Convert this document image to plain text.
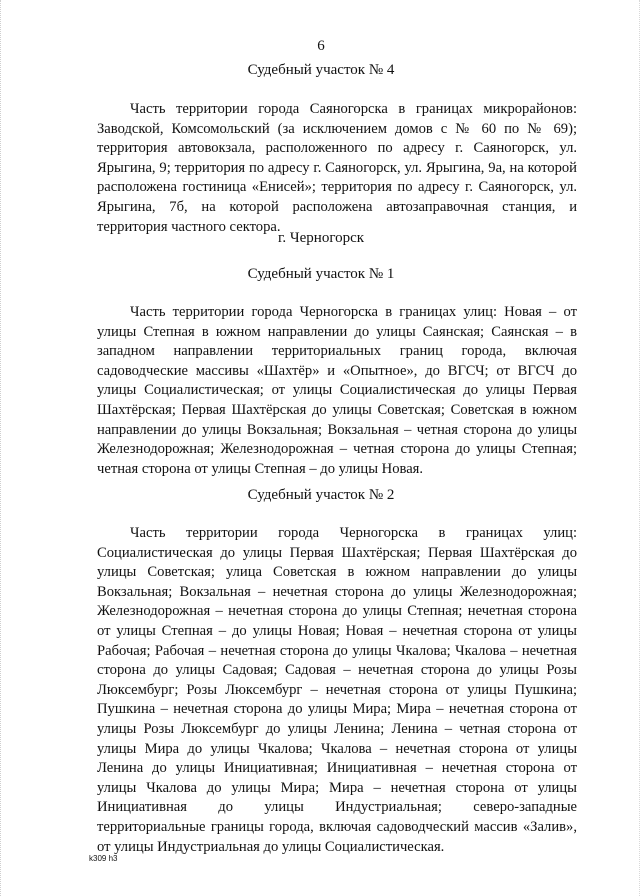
6
Судебный участок № 4

Часть территории города Саяногорска в границах микрорайонов: Заводской, Комсомольский (за исключением домов с № 60 по № 69); территория автовокзала, расположенного по адресу г. Саяногорск, ул. Ярыгина, 9; территория по адресу г. Саяногорск, ул. Ярыгина, 9а, на которой расположена гостиница «Енисей»; территория по адресу г. Саяногорск, ул. Ярыгина, 7б, на которой расположена автозаправочная станция, и территория частного сектора.

г. Черногорск
Судебный участок № 1

Часть территории города Черногорска в границах улиц: Новая – от улицы Степная в южном направлении до улицы Саянская; Саянская – в западном направлении территориальных границ города, включая садоводческие массивы «Шахтёр» и «Опытное», до ВГСЧ; от ВГСЧ до улицы Социалистическая; от улицы Социалистическая до улицы Первая Шахтёрская; Первая Шахтёрская до улицы Советская; Советская в южном направлении до улицы Вокзальная; Вокзальная – четная сторона до улицы Железнодорожная; Железнодорожная – четная сторона до улицы Степная; четная сторона от улицы Степная – до улицы Новая.

Судебный участок № 2

Часть территории города Черногорска в границах улиц: Социалистическая до улицы Первая Шахтёрская; Первая Шахтёрская до улицы Советская; улица Советская в южном направлении до улицы Вокзальная; Вокзальная – нечетная сторона до улицы Железнодорожная; Железнодорожная – нечетная сторона до улицы Степная; нечетная сторона от улицы Степная – до улицы Новая; Новая – нечетная сторона от улицы Рабочая; Рабочая – нечетная сторона до улицы Чкалова; Чкалова – нечетная сторона до улицы Садовая; Садовая – нечетная сторона до улицы Розы Люксембург; Розы Люксембург – нечетная сторона от улицы Пушкина; Пушкина – нечетная сторона до улицы Мира; Мира – нечетная сторона от улицы Розы Люксембург до улицы Ленина; Ленина – четная сторона от улицы Мира до улицы Чкалова; Чкалова – нечетная сторона от улицы Ленина до улицы Инициативная; Инициативная – нечетная сторона от улицы Чкалова до улицы Мира; Мира – нечетная сторона от улицы Инициативная до улицы Индустриальная; северо-западные территориальные границы города, включая садоводческий массив «Залив», от улицы Индустриальная до улицы Социалистическая.

k309 h3
